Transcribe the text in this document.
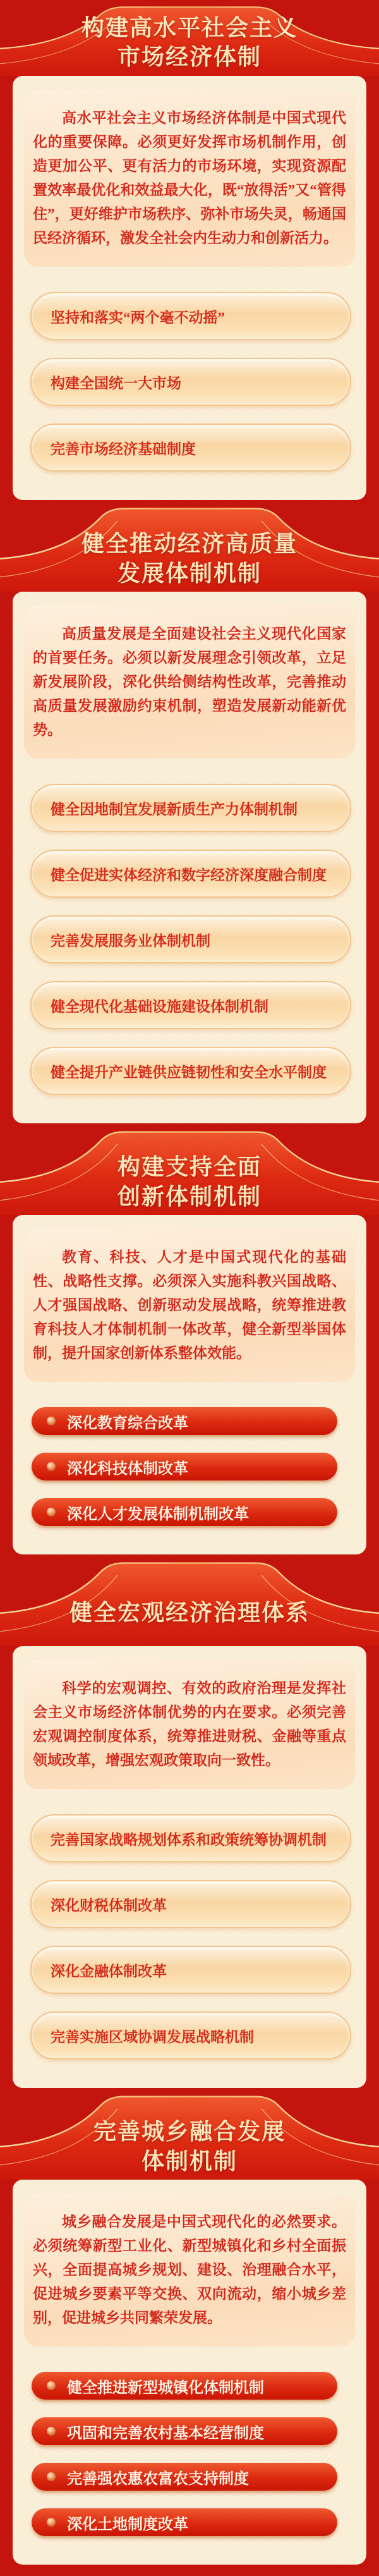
构建高水平社会主义
市场经济体制

高水平社会主义市场经济体制是中国式现代化的重要保障。必须更好发挥市场机制作用，创造更加公平、更有活力的市场环境，实现资源配置效率最优化和效益最大化，既“放得活”又“管得住”，更好维护市场秩序、弥补市场失灵，畅通国民经济循环，激发全社会内生动力和创新活力。

坚持和落实“两个毫不动摇”
构建全国统一大市场
完善市场经济基础制度
健全推动经济高质量
发展体制机制

高质量发展是全面建设社会主义现代化国家的首要任务。必须以新发展理念引领改革，立足新发展阶段，深化供给侧结构性改革，完善推动高质量发展激励约束机制，塑造发展新动能新优势。

健全因地制宜发展新质生产力体制机制
健全促进实体经济和数字经济深度融合制度
完善发展服务业体制机制
健全现代化基础设施建设体制机制
健全提升产业链供应链韧性和安全水平制度
构建支持全面
创新体制机制

教育、科技、人才是中国式现代化的基础性、战略性支撑。必须深入实施科教兴国战略、人才强国战略、创新驱动发展战略，统筹推进教育科技人才体制机制一体改革，健全新型举国体制，提升国家创新体系整体效能。

深化教育综合改革
深化科技体制改革
深化人才发展体制机制改革
健全宏观经济治理体系

科学的宏观调控、有效的政府治理是发挥社会主义市场经济体制优势的内在要求。必须完善宏观调控制度体系，统筹推进财税、金融等重点领域改革，增强宏观政策取向一致性。

完善国家战略规划体系和政策统筹协调机制
深化财税体制改革
深化金融体制改革
完善实施区域协调发展战略机制
完善城乡融合发展
体制机制

城乡融合发展是中国式现代化的必然要求。必须统筹新型工业化、新型城镇化和乡村全面振兴，全面提高城乡规划、建设、治理融合水平，促进城乡要素平等交换、双向流动，缩小城乡差别，促进城乡共同繁荣发展。

健全推进新型城镇化体制机制
巩固和完善农村基本经营制度
完善强农惠农富农支持制度
深化土地制度改革
